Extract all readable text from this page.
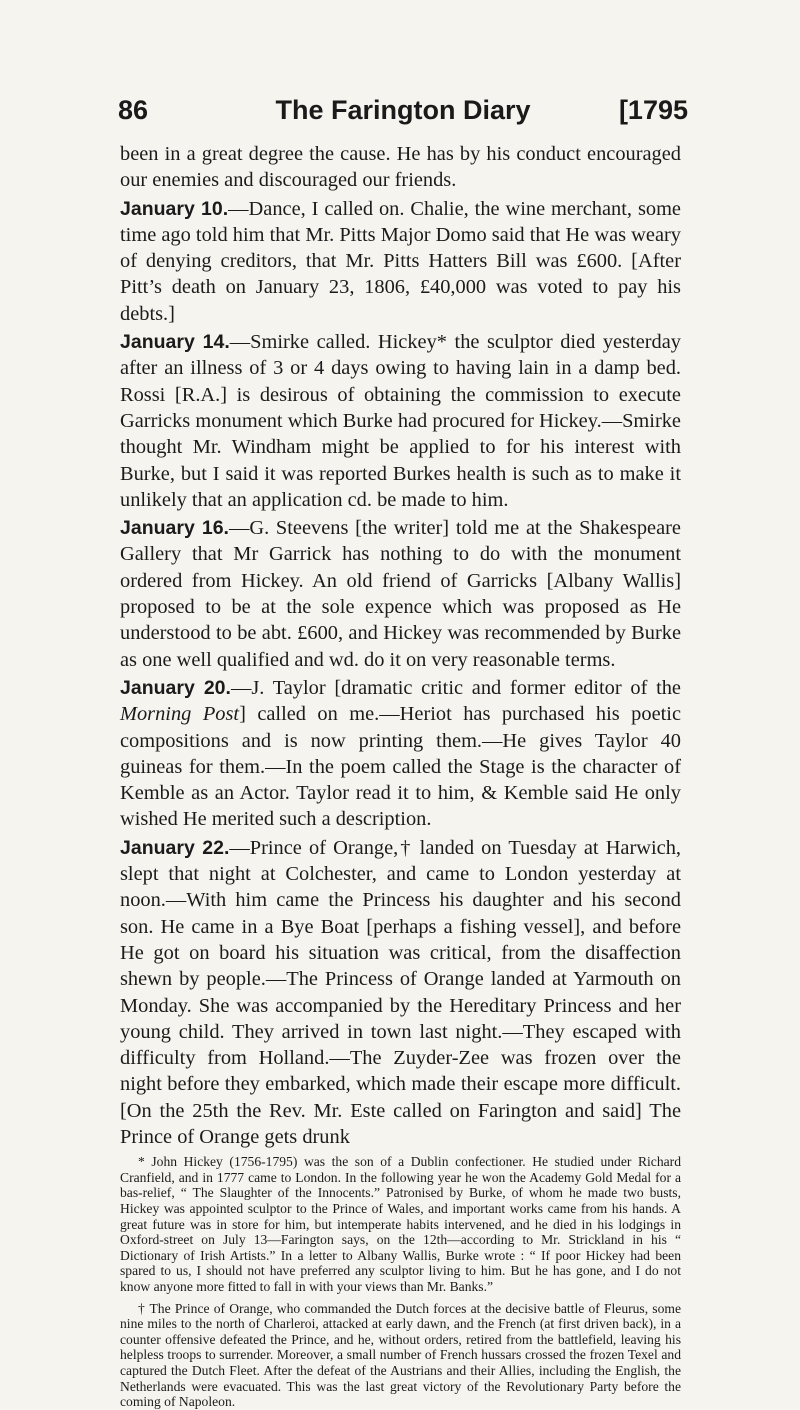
The Farington Diary
86	[1795

been in a great degree the cause. He has by his conduct encouraged our enemies and discouraged our friends.

January 10.—Dance, I called on. Chalie, the wine merchant, some time ago told him that Mr. Pitts Major Domo said that He was weary of denying creditors, that Mr. Pitts Hatters Bill was £600. [After Pitt’s death on January 23, 1806, £40,000 was voted to pay his debts.]

January 14.—Smirke called. Hickey* the sculptor died yesterday after an illness of 3 or 4 days owing to having lain in a damp bed. Rossi [R.A.] is desirous of obtaining the commission to execute Garricks monument which Burke had procured for Hickey.—Smirke thought Mr. Windham might be applied to for his interest with Burke, but I said it was reported Burkes health is such as to make it unlikely that an application cd. be made to him.

January 16.—G. Steevens [the writer] told me at the Shakespeare Gallery that Mr Garrick has nothing to do with the monument ordered from Hickey. An old friend of Garricks [Albany Wallis] proposed to be at the sole expence which was proposed as He understood to be abt. £600, and Hickey was recommended by Burke as one well qualified and wd. do it on very reasonable terms.

January 20.—J. Taylor [dramatic critic and former editor of the Morning Post] called on me.—Heriot has purchased his poetic compositions and is now printing them.—He gives Taylor 40 guineas for them.—In the poem called the Stage is the character of Kemble as an Actor. Taylor read it to him, & Kemble said He only wished He merited such a description.

January 22.—Prince of Orange,† landed on Tuesday at Harwich, slept that night at Colchester, and came to London yesterday at noon.—With him came the Princess his daughter and his second son. He came in a Bye Boat [perhaps a fishing vessel], and before He got on board his situation was critical, from the disaffection shewn by people.—The Princess of Orange landed at Yarmouth on Monday. She was accompanied by the Hereditary Princess and her young child. They arrived in town last night.—They escaped with difficulty from Holland.—The Zuyder-Zee was frozen over the night before they embarked, which made their escape more difficult. [On the 25th the Rev. Mr. Este called on Farington and said] The Prince of Orange gets drunk

* John Hickey (1756-1795) was the son of a Dublin confectioner. He studied under Richard Cranfield, and in 1777 came to London. In the following year he won the Academy Gold Medal for a bas-relief, “ The Slaughter of the Innocents.” Patronised by Burke, of whom he made two busts, Hickey was appointed sculptor to the Prince of Wales, and important works came from his hands. A great future was in store for him, but intemperate habits intervened, and he died in his lodgings in Oxford-street on July 13—Farington says, on the 12th—according to Mr. Strickland in his “ Dictionary of Irish Artists.” In a letter to Albany Wallis, Burke wrote : “ If poor Hickey had been spared to us, I should not have preferred any sculptor living to him. But he has gone, and I do not know anyone more fitted to fall in with your views than Mr. Banks.”

† The Prince of Orange, who commanded the Dutch forces at the decisive battle of Fleurus, some nine miles to the north of Charleroi, attacked at early dawn, and the French (at first driven back), in a counter offensive defeated the Prince, and he, without orders, retired from the battlefield, leaving his helpless troops to surrender. Moreover, a small number of French hussars crossed the frozen Texel and captured the Dutch Fleet. After the defeat of the Austrians and their Allies, including the English, the Netherlands were evacuated. This was the last great victory of the Revolutionary Party before the coming of Napoleon.
